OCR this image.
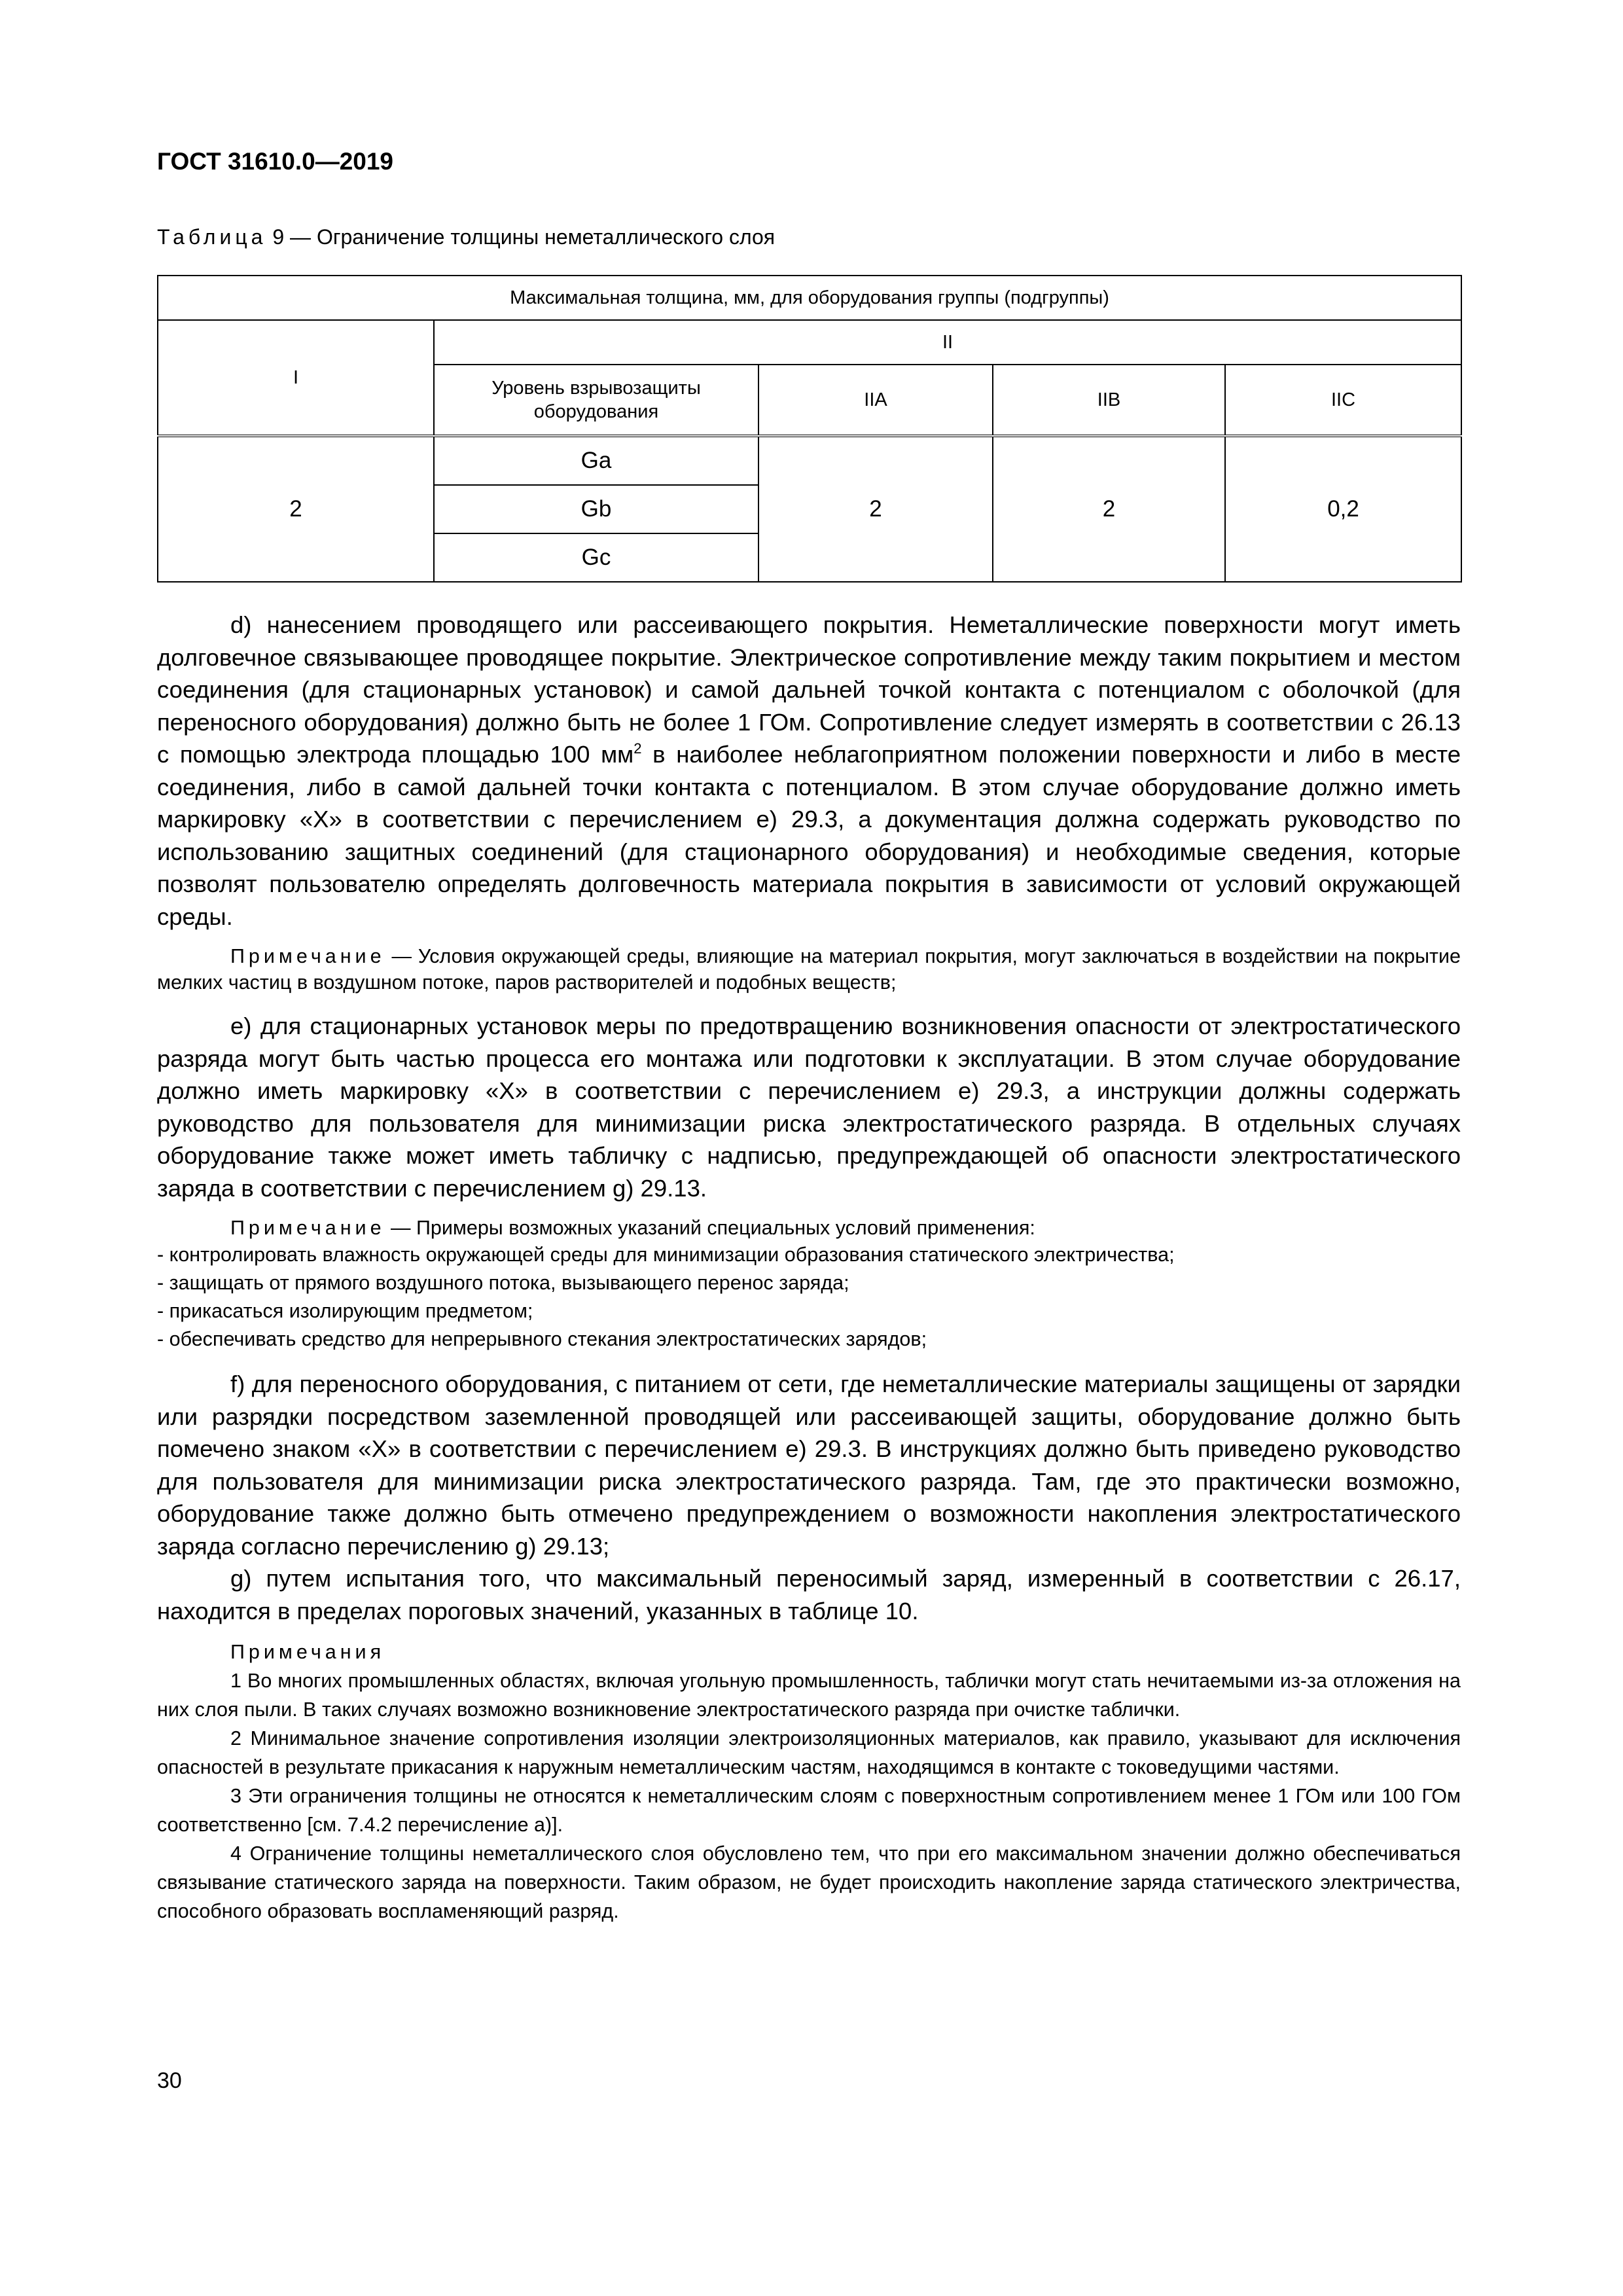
ГОСТ 31610.0—2019
Таблица 9 — Ограничение толщины неметаллического слоя
Максимальная толщина, мм, для оборудования группы (подгруппы)				
I	II			
	Уровень взрывозащиты оборудования	IIA	IIB	IIC
2	Ga	2	2	0,2
	Gb			
	Gc			

d) нанесением проводящего или рассеивающего покрытия. Неметаллические поверхности могут иметь долговечное связывающее проводящее покрытие. Электрическое сопротивление между таким покрытием и местом соединения (для стационарных установок) и самой дальней точкой контакта с потенциалом с оболочкой (для переносного оборудования) должно быть не более 1 ГОм. Сопротивление следует измерять в соответствии с 26.13 с помощью электрода площадью 100 $мм^2$ в наиболее неблагоприятном положении поверхности и либо в месте соединения, либо в самой дальней точки контакта с потенциалом. В этом случае оборудование должно иметь маркировку «X» в соответствии с перечислением е) 29.3, а документация должна содержать руководство по использованию защитных соединений (для стационарного оборудования) и необходимые сведения, которые позволят пользователю определять долговечность материала покрытия в зависимости от условий окружающей среды.

Примечание — Условия окружающей среды, влияющие на материал покрытия, могут заключаться в воздействии на покрытие мелких частиц в воздушном потоке, паров растворителей и подобных веществ;

e) для стационарных установок меры по предотвращению возникновения опасности от электростатического разряда могут быть частью процесса его монтажа или подготовки к эксплуатации. В этом случае оборудование должно иметь маркировку «X» в соответствии с перечислением е) 29.3, а инструкции должны содержать руководство для пользователя для минимизации риска электростатического разряда. В отдельных случаях оборудование также может иметь табличку с надписью, предупреждающей об опасности электростатического заряда в соответствии с перечислением g) 29.13.

Примечание — Примеры возможных указаний специальных условий применения:

- контролировать влажность окружающей среды для минимизации образования статического электричества;

- защищать от прямого воздушного потока, вызывающего перенос заряда;

- прикасаться изолирующим предметом;

- обеспечивать средство для непрерывного стекания электростатических зарядов;

f) для переносного оборудования, с питанием от сети, где неметаллические материалы защищены от зарядки или разрядки посредством заземленной проводящей или рассеивающей защиты, оборудование должно быть помечено знаком «X» в соответствии с перечислением е) 29.3. В инструкциях должно быть приведено руководство для пользователя для минимизации риска электростатического разряда. Там, где это практически возможно, оборудование также должно быть отмечено предупреждением о возможности накопления электростатического заряда согласно перечислению g) 29.13;

g) путем испытания того, что максимальный переносимый заряд, измеренный в соответствии с 26.17, находится в пределах пороговых значений, указанных в таблице 10.

Примечания

1 Во многих промышленных областях, включая угольную промышленность, таблички могут стать нечитаемыми из-за отложения на них слоя пыли. В таких случаях возможно возникновение электростатического разряда при очистке таблички.

2 Минимальное значение сопротивления изоляции электроизоляционных материалов, как правило, указывают для исключения опасностей в результате прикасания к наружным неметаллическим частям, находящимся в контакте с токоведущими частями.

3 Эти ограничения толщины не относятся к неметаллическим слоям с поверхностным сопротивлением менее 1 ГОм или 100 ГОм соответственно [см. 7.4.2 перечисление а)].

4 Ограничение толщины неметаллического слоя обусловлено тем, что при его максимальном значении должно обеспечиваться связывание статического заряда на поверхности. Таким образом, не будет происходить накопление заряда статического электричества, способного образовать воспламеняющий разряд.

30
